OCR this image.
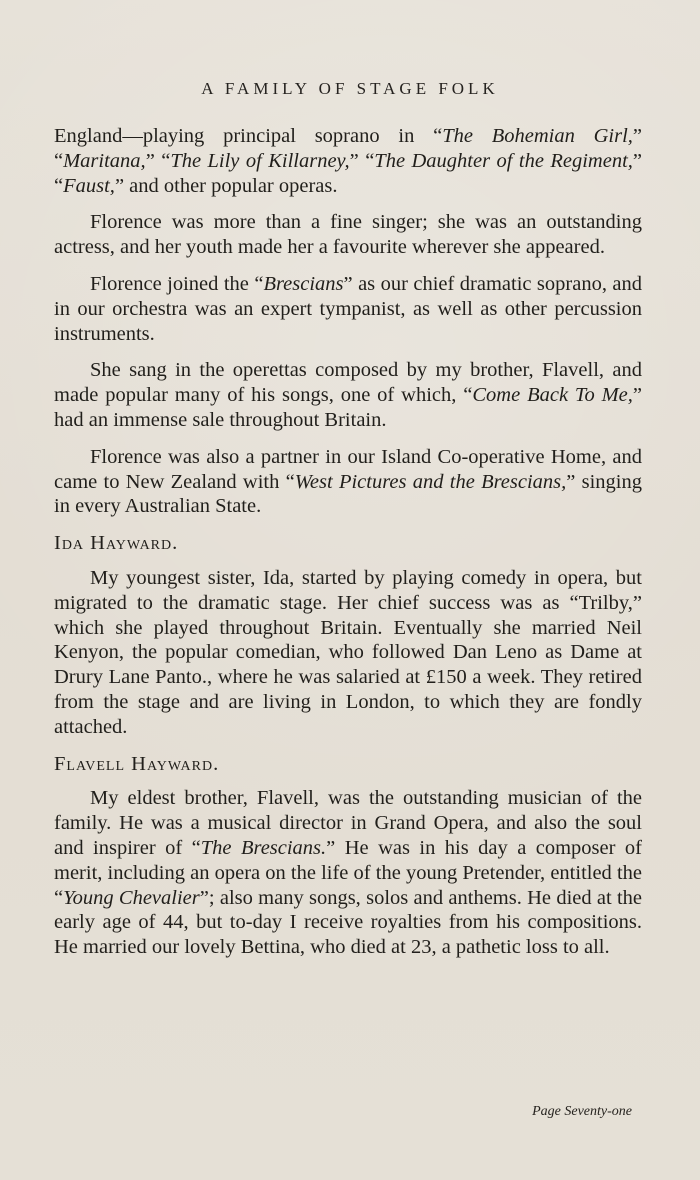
A FAMILY OF STAGE FOLK

England—playing principal soprano in “The Bohemian Girl,” “Maritana,” “The Lily of Killarney,” “The Daughter of the Regiment,” “Faust,” and other popular operas.

Florence was more than a fine singer; she was an outstanding actress, and her youth made her a favourite wherever she appeared.

Florence joined the “Brescians” as our chief dramatic soprano, and in our orchestra was an expert tympanist, as well as other percussion instruments.

She sang in the operettas composed by my brother, Flavell, and made popular many of his songs, one of which, “Come Back To Me,” had an immense sale throughout Britain.

Florence was also a partner in our Island Co-operative Home, and came to New Zealand with “West Pictures and the Brescians,” singing in every Australian State.

Ida Hayward.

My youngest sister, Ida, started by playing comedy in opera, but migrated to the dramatic stage. Her chief success was as “Trilby,” which she played throughout Britain. Eventually she married Neil Kenyon, the popular comedian, who followed Dan Leno as Dame at Drury Lane Panto., where he was salaried at £150 a week. They retired from the stage and are living in London, to which they are fondly attached.

Flavell Hayward.

My eldest brother, Flavell, was the outstanding musician of the family. He was a musical director in Grand Opera, and also the soul and inspirer of “The Brescians.” He was in his day a composer of merit, including an opera on the life of the young Pretender, entitled the “Young Chevalier”; also many songs, solos and anthems. He died at the early age of 44, but to-day I receive royalties from his compositions. He married our lovely Bettina, who died at 23, a pathetic loss to all.

Page Seventy-one
